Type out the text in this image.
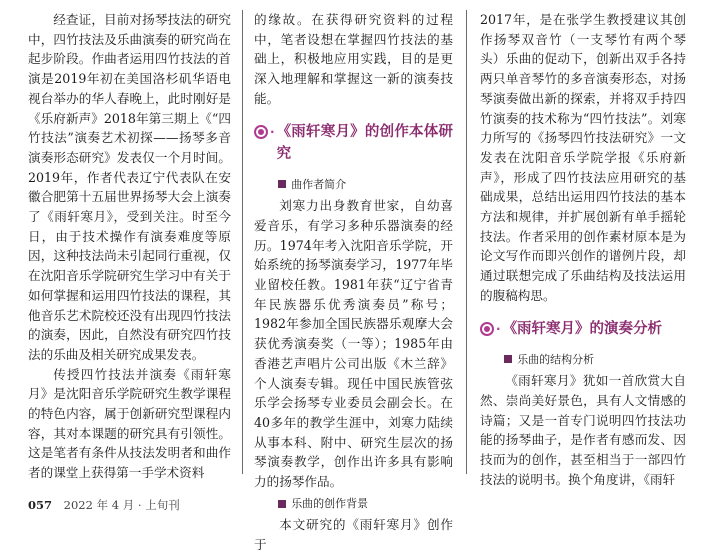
经查证，目前对扬琴技法的研究中，四竹技法及乐曲演奏的研究尚在起步阶段。作曲者运用四竹技法的首演是2019年初在美国洛杉矶华语电视台举办的华人春晚上，此时刚好是《乐府新声》2018年第三期上《“四竹技法”演奏艺术初探——扬琴多音演奏形态研究》发表仅一个月时间。2019年，作者代表辽宁代表队在安徽合肥第十五届世界扬琴大会上演奏了《雨轩寒月》，受到关注。时至今日，由于技术操作有演奏难度等原因，这种技法尚未引起同行重视，仅在沈阳音乐学院研究生学习中有关于如何掌握和运用四竹技法的课程，其他音乐艺术院校还没有出现四竹技法的演奏，因此，自然没有研究四竹技法的乐曲及相关研究成果发表。

传授四竹技法并演奏《雨轩寒月》是沈阳音乐学院研究生教学课程的特色内容，属于创新研究型课程内容，其对本课题的研究具有引领性。这是笔者有条件从技法发明者和曲作者的课堂上获得第一手学术资料

的缘故。在获得研究资料的过程中，笔者设想在掌握四竹技法的基础上，积极地应用实践，目的是更深入地理解和掌握这一新的演奏技能。

· 《雨轩寒月》的创作本体研究
曲作者简介

刘寒力出身教育世家，自幼喜爱音乐，有学习多种乐器演奏的经历。1974年考入沈阳音乐学院，开始系统的扬琴演奏学习，1977年毕业留校任教。1981年获“辽宁省青年民族器乐优秀演奏员”称号；1982年参加全国民族器乐观摩大会获优秀演奏奖（一等）；1985年由香港艺声唱片公司出版《木兰辞》个人演奏专辑。现任中国民族管弦乐学会扬琴专业委员会副会长。在40多年的教学生涯中，刘寒力陆续从事本科、附中、研究生层次的扬琴演奏教学，创作出许多具有影响力的扬琴作品。

乐曲的创作背景

本文研究的《雨轩寒月》创作于

2017年，是在张学生教授建议其创作扬琴双音竹（一支琴竹有两个琴头）乐曲的促动下，创新出双手各持两只单音琴竹的多音演奏形态，对扬琴演奏做出新的探索，并将双手持四竹演奏的技术称为“四竹技法”。刘寒力所写的《扬琴四竹技法研究》一文发表在沈阳音乐学院学报《乐府新声》，形成了四竹技法应用研究的基础成果，总结出运用四竹技法的基本方法和规律，并扩展创新有单手摇轮技法。作者采用的创作素材原本是为论文写作而即兴创作的谱例片段，却通过联想完成了乐曲结构及技法运用的腹稿构思。

· 《雨轩寒月》的演奏分析
乐曲的结构分析

《雨轩寒月》犹如一首欣赏大自然、崇尚美好景色，具有人文情感的诗篇；又是一首专门说明四竹技法功能的扬琴曲子，是作者有感而发、因技而为的创作，甚至相当于一部四竹技法的说明书。换个角度讲，《雨轩

057 2022 年 4 月 · 上旬刊
